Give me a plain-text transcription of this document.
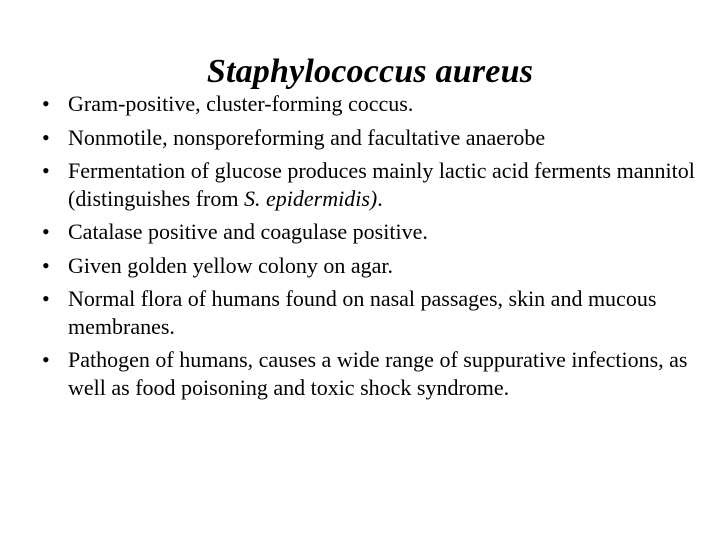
Staphylococcus aureus
• Gram-positive, cluster-forming coccus.
• Nonmotile, nonsporeforming and facultative anaerobe
• Fermentation of glucose produces mainly lactic acid ferments mannitol (distinguishes from S. epidermidis).
• Catalase positive and coagulase positive.
• Given golden yellow colony on agar.
• Normal flora of humans found on nasal passages, skin and mucous membranes.
• Pathogen of humans, causes a wide range of suppurative infections, as well as food poisoning and toxic shock syndrome.
